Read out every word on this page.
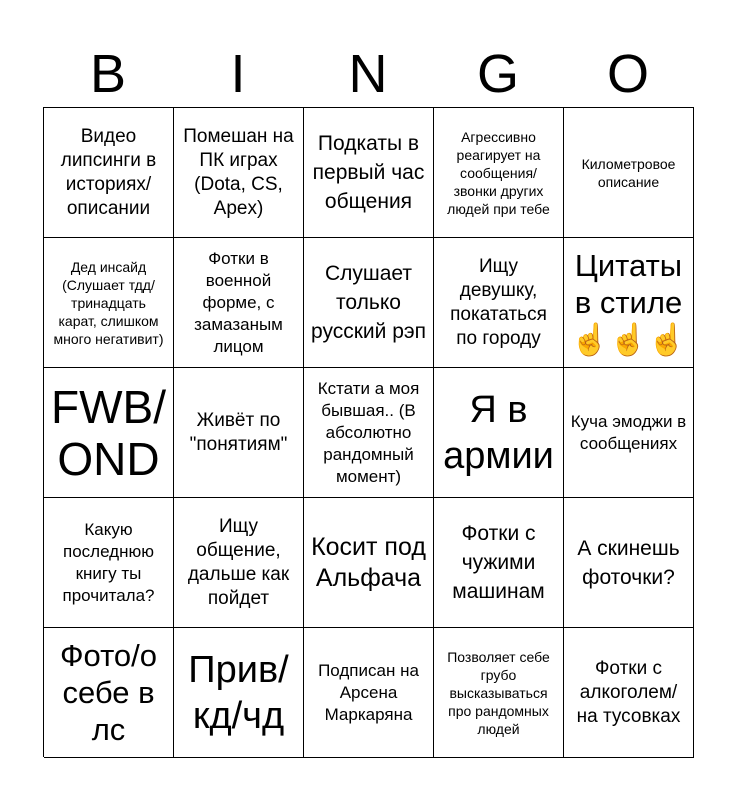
B	I	N	G	O
Видео липсинги в историях/ описании
Помешан на ПК играх (Dota, CS, Apex)
Подкаты в первый час общения
Агрессивно реагирует на сообщения/ звонки других людей при тебе
Километровое описание
Дед инсайд (Слушает тдд/ тринадцать карат, слишком много негативит)
Фотки в военной форме, с замазаным лицом
Слушает только русский рэп
Ищу девушку, покататься по городу
Цитаты в стиле
☝️☝️☝️
FWB/ OND
Живёт по "понятиям"
Кстати а моя бывшая.. (В абсолютно рандомный момент)
Я в армии
Куча эмоджи в сообщениях
Какую последнюю книгу ты прочитала?
Ищу общение, дальше как пойдет
Косит под Альфача
Фотки с чужими машинам
А скинешь фоточки?
Фото/о себе в лс
Прив/ кд/чд
Подписан на Арсена Маркаряна
Позволяет себе грубо высказываться про рандомных людей
Фотки с алкоголем/ на тусовках
